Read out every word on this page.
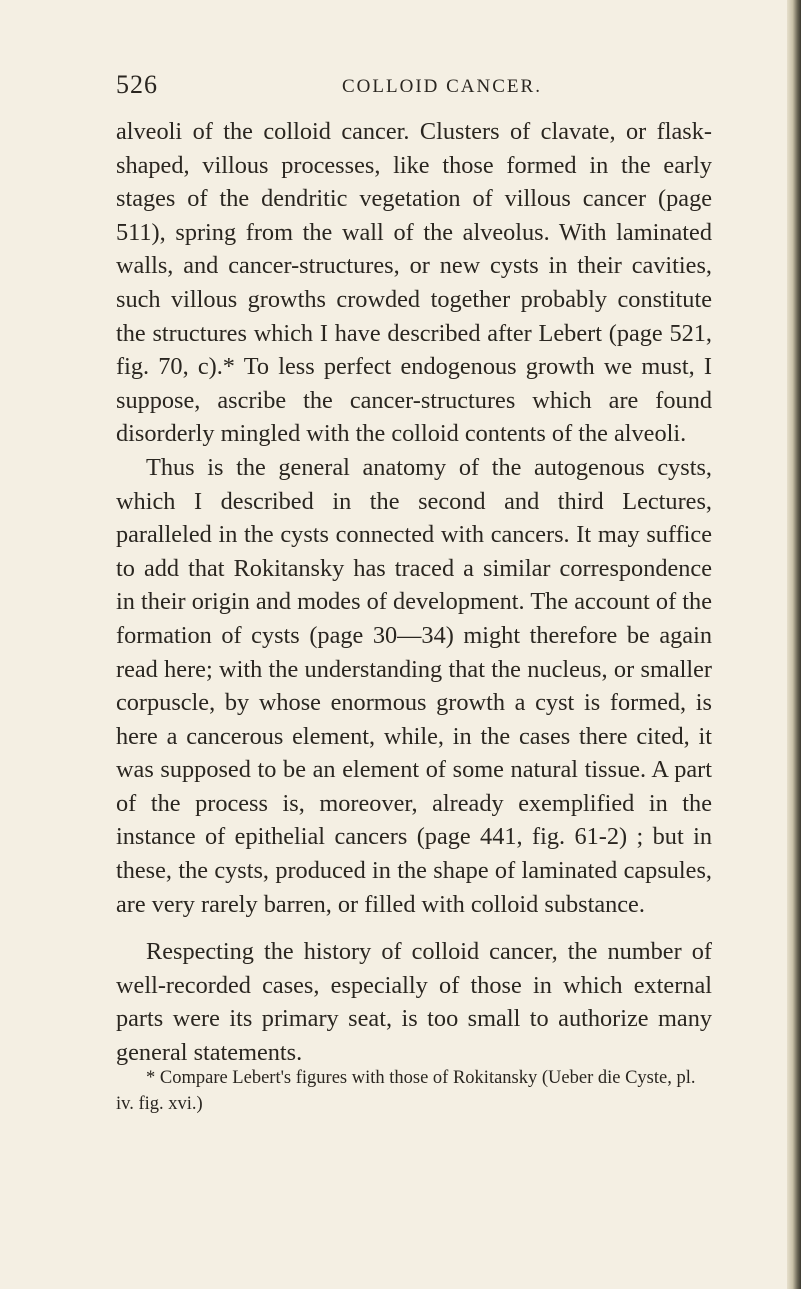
526	COLLOID CANCER.

alveoli of the colloid cancer. Clusters of clavate, or flask-shaped, villous processes, like those formed in the early stages of the dendritic vegetation of villous cancer (page 511), spring from the wall of the alveolus. With laminated walls, and cancer-structures, or new cysts in their cavities, such villous growths crowded together probably constitute the structures which I have described after Lebert (page 521, fig. 70, c).* To less perfect endogenous growth we must, I suppose, ascribe the cancer-structures which are found disorderly mingled with the colloid contents of the alveoli.

Thus is the general anatomy of the autogenous cysts, which I described in the second and third Lectures, paralleled in the cysts connected with cancers. It may suffice to add that Rokitansky has traced a similar correspondence in their origin and modes of development. The account of the formation of cysts (page 30—34) might therefore be again read here; with the understanding that the nucleus, or smaller corpuscle, by whose enormous growth a cyst is formed, is here a cancerous element, while, in the cases there cited, it was supposed to be an element of some natural tissue. A part of the process is, moreover, already exemplified in the instance of epithelial cancers (page 441, fig. 61-2) ; but in these, the cysts, produced in the shape of laminated capsules, are very rarely barren, or filled with colloid substance.

Respecting the history of colloid cancer, the number of well-recorded cases, especially of those in which external parts were its primary seat, is too small to authorize many general statements.

* Compare Lebert's figures with those of Rokitansky (Ueber die Cyste, pl. iv. fig. xvi.)
